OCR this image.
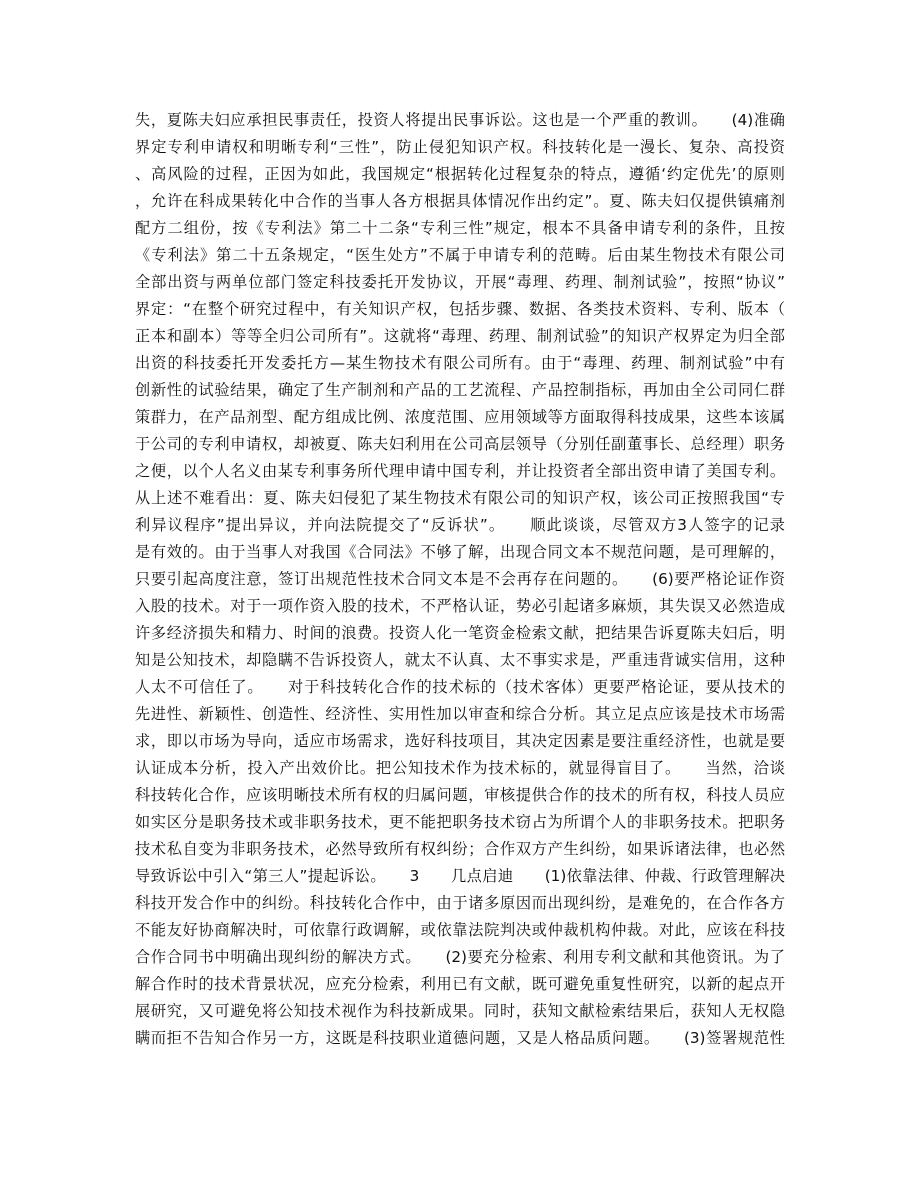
失，夏陈夫妇应承担民事责任，投资人将提出民事诉讼。这也是一个严重的教训。　　(4)准确
界定专利申请权和明晰专利“三性”，防止侵犯知识产权。科技转化是一漫长、复杂、高投资
、高风险的过程，正因为如此，我国规定“根据转化过程复杂的特点，遵循‘约定优先’的原则
，允许在科成果转化中合作的当事人各方根据具体情况作出约定”。夏、陈夫妇仅提供镇痛剂
配方二组份，按《专利法》第二十二条“专利三性”规定，根本不具备申请专利的条件，且按
《专利法》第二十五条规定，“医生处方”不属于申请专利的范畴。后由某生物技术有限公司
全部出资与两单位部门签定科技委托开发协议，开展“毒理、药理、制剂试验”，按照“协议”
界定：“在整个研究过程中，有关知识产权，包括步骤、数据、各类技术资料、专利、版本（
正本和副本）等等全归公司所有”。这就将“毒理、药理、制剂试验”的知识产权界定为归全部
出资的科技委托开发委托方—某生物技术有限公司所有。由于“毒理、药理、制剂试验”中有
创新性的试验结果，确定了生产制剂和产品的工艺流程、产品控制指标，再加由全公司同仁群
策群力，在产品剂型、配方组成比例、浓度范围、应用领域等方面取得科技成果，这些本该属
于公司的专利申请权，却被夏、陈夫妇利用在公司高层领导（分别任副董事长、总经理）职务
之便，以个人名义由某专利事务所代理申请中国专利，并让投资者全部出资申请了美国专利。
从上述不难看出：夏、陈夫妇侵犯了某生物技术有限公司的知识产权，该公司正按照我国“专
利异议程序”提出异议，并向法院提交了“反诉状”。　　顺此谈谈，尽管双方3人签字的记录
是有效的。由于当事人对我国《合同法》不够了解，出现合同文本不规范问题，是可理解的，
只要引起高度注意，签订出规范性技术合同文本是不会再存在问题的。　　(6)要严格论证作资
入股的技术。对于一项作资入股的技术，不严格认证，势必引起诸多麻烦，其失误又必然造成
许多经济损失和精力、时间的浪费。投资人化一笔资金检索文献，把结果告诉夏陈夫妇后，明
知是公知技术，却隐瞒不告诉投资人，就太不认真、太不事实求是，严重违背诚实信用，这种
人太不可信任了。　　对于科技转化合作的技术标的（技术客体）更要严格论证，要从技术的
先进性、新颖性、创造性、经济性、实用性加以审查和综合分析。其立足点应该是技术市场需
求，即以市场为导向，适应市场需求，选好科技项目，其决定因素是要注重经济性，也就是要
认证成本分析，投入产出效价比。把公知技术作为技术标的，就显得盲目了。　　当然，洽谈
科技转化合作，应该明晰技术所有权的归属问题，审核提供合作的技术的所有权，科技人员应
如实区分是职务技术或非职务技术，更不能把职务技术窃占为所谓个人的非职务技术。把职务
技术私自变为非职务技术，必然导致所有权纠纷；合作双方产生纠纷，如果诉诸法律，也必然
导致诉讼中引入“第三人”提起诉讼。　　3　　几点启迪　　(1)依靠法律、仲裁、行政管理解决
科技开发合作中的纠纷。科技转化合作中，由于诸多原因而出现纠纷，是难免的，在合作各方
不能友好协商解决时，可依靠行政调解，或依靠法院判决或仲裁机构仲裁。对此，应该在科技
合作合同书中明确出现纠纷的解决方式。　　(2)要充分检索、利用专利文献和其他资讯。为了
解合作时的技术背景状况，应充分检索，利用已有文献，既可避免重复性研究，以新的起点开
展研究，又可避免将公知技术视作为科技新成果。同时，获知文献检索结果后，获知人无权隐
瞒而拒不告知合作另一方，这既是科技职业道德问题，又是人格品质问题。　　(3)签署规范性
